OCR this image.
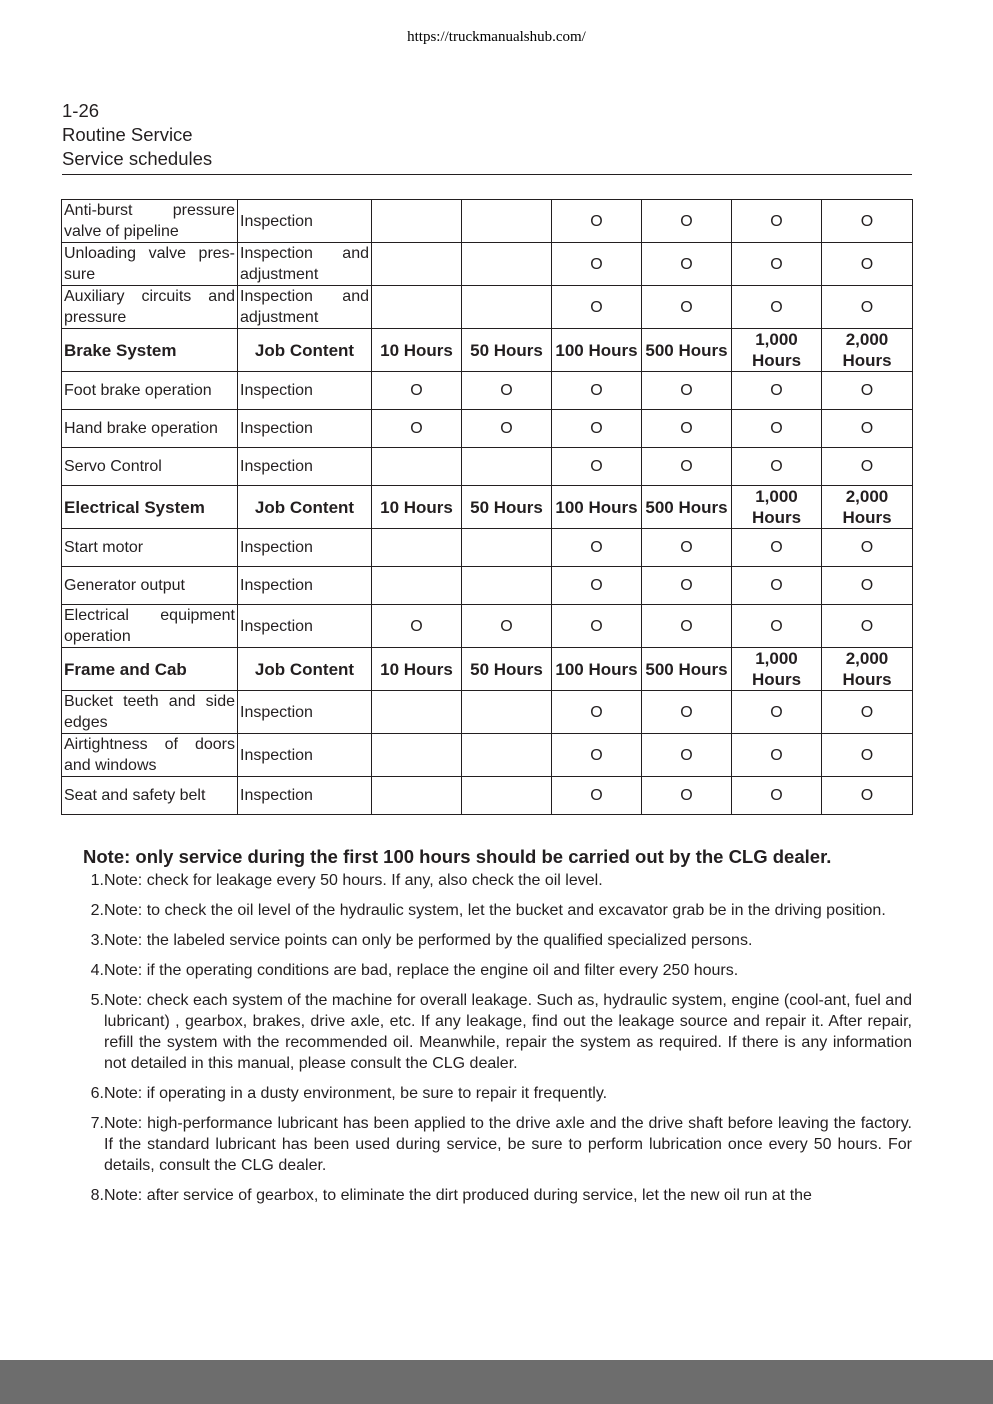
https://truckmanualshub.com/
1-26
Routine Service
Service schedules
Anti-burst pressure valve of pipeline	Inspection			O	O	O	O
Unloading valve pres-sure	Inspection and adjustment			O	O	O	O
Auxiliary circuits and pressure	Inspection and adjustment			O	O	O	O
Brake System	Job Content	10 Hours	50 Hours	100 Hours	500 Hours	1,000 Hours	2,000 Hours
Foot brake operation	Inspection	O	O	O	O	O	O
Hand brake operation	Inspection	O	O	O	O	O	O
Servo Control	Inspection			O	O	O	O
Electrical System	Job Content	10 Hours	50 Hours	100 Hours	500 Hours	1,000 Hours	2,000 Hours
Start motor	Inspection			O	O	O	O
Generator output	Inspection			O	O	O	O
Electrical equipment operation	Inspection	O	O	O	O	O	O
Frame and Cab	Job Content	10 Hours	50 Hours	100 Hours	500 Hours	1,000 Hours	2,000 Hours
Bucket teeth and side edges	Inspection			O	O	O	O
Airtightness of doors and windows	Inspection			O	O	O	O
Seat and safety belt	Inspection			O	O	O	O
Note: only service during the first 100 hours should be carried out by the CLG dealer.
1. Note: check for leakage every 50 hours. If any, also check the oil level.
2. Note: to check the oil level of the hydraulic system, let the bucket and excavator grab be in the driving position.
3. Note: the labeled service points can only be performed by the qualified specialized persons.
4. Note: if the operating conditions are bad, replace the engine oil and filter every 250 hours.
5. Note: check each system of the machine for overall leakage. Such as, hydraulic system, engine (cool-ant, fuel and lubricant) , gearbox, brakes, drive axle, etc. If any leakage, find out the leakage source and repair it. After repair, refill the system with the recommended oil. Meanwhile, repair the system as required. If there is any information not detailed in this manual, please consult the CLG dealer.
6. Note: if operating in a dusty environment, be sure to repair it frequently.
7. Note: high-performance lubricant has been applied to the drive axle and the drive shaft before leaving the factory. If the standard lubricant has been used during service, be sure to perform lubrication once every 50 hours. For details, consult the CLG dealer.
8. Note: after service of gearbox, to eliminate the dirt produced during service, let the new oil run at the
